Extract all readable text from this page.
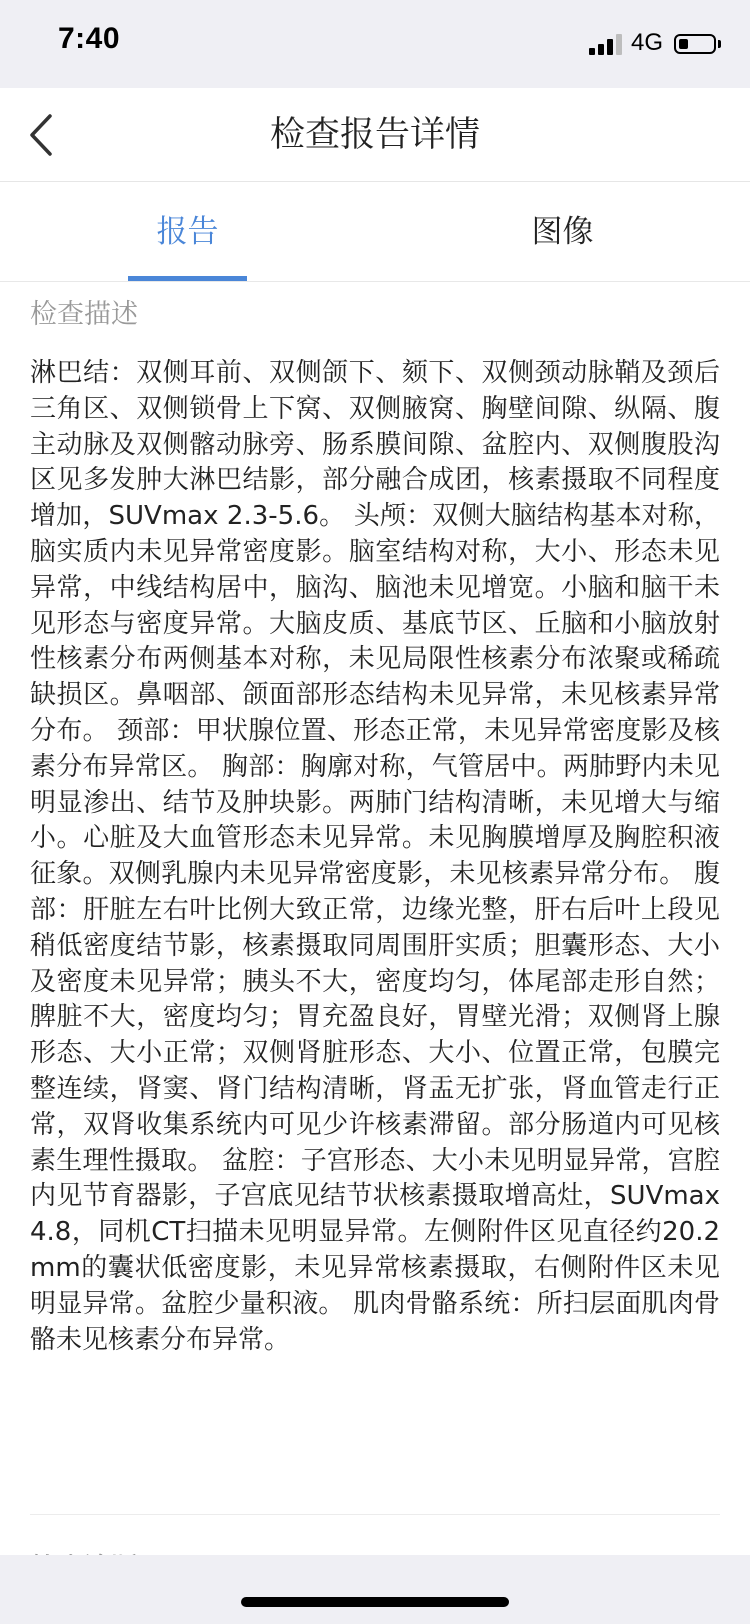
7:40	4G
检查报告详情
报告	图像
检查描述

淋巴结：双侧耳前、双侧颌下、颏下、双侧颈动脉鞘及颈后三角区、双侧锁骨上下窝、双侧腋窝、胸壁间隙、纵隔、腹主动脉及双侧髂动脉旁、肠系膜间隙、盆腔内、双侧腹股沟区见多发肿大淋巴结影，部分融合成团，核素摄取不同程度增加，SUVmax 2.3-5.6。 头颅：双侧大脑结构基本对称，脑实质内未见异常密度影。脑室结构对称，大小、形态未见异常，中线结构居中，脑沟、脑池未见增宽。小脑和脑干未见形态与密度异常。大脑皮质、基底节区、丘脑和小脑放射性核素分布两侧基本对称，未见局限性核素分布浓聚或稀疏缺损区。鼻咽部、颌面部形态结构未见异常，未见核素异常分布。 颈部：甲状腺位置、形态正常，未见异常密度影及核素分布异常区。 胸部：胸廓对称，气管居中。两肺野内未见明显渗出、结节及肿块影。两肺门结构清晰，未见增大与缩小。心脏及大血管形态未见异常。未见胸膜增厚及胸腔积液征象。双侧乳腺内未见异常密度影，未见核素异常分布。 腹部：肝脏左右叶比例大致正常，边缘光整，肝右后叶上段见稍低密度结节影，核素摄取同周围肝实质；胆囊形态、大小及密度未见异常；胰头不大，密度均匀，体尾部走形自然；脾脏不大，密度均匀；胃充盈良好，胃壁光滑；双侧肾上腺形态、大小正常；双侧肾脏形态、大小、位置正常，包膜完整连续，肾窦、肾门结构清晰，肾盂无扩张，肾血管走行正常，双肾收集系统内可见少许核素滞留。部分肠道内可见核素生理性摄取。 盆腔：子宫形态、大小未见明显异常，宫腔内见节育器影，子宫底见结节状核素摄取增高灶，SUVmax 4.8，同机CT扫描未见明显异常。左侧附件区见直径约20.2mm的囊状低密度影，未见异常核素摄取，右侧附件区未见明显异常。盆腔少量积液。 肌肉骨骼系统：所扫层面肌肉骨骼未见核素分布异常。
